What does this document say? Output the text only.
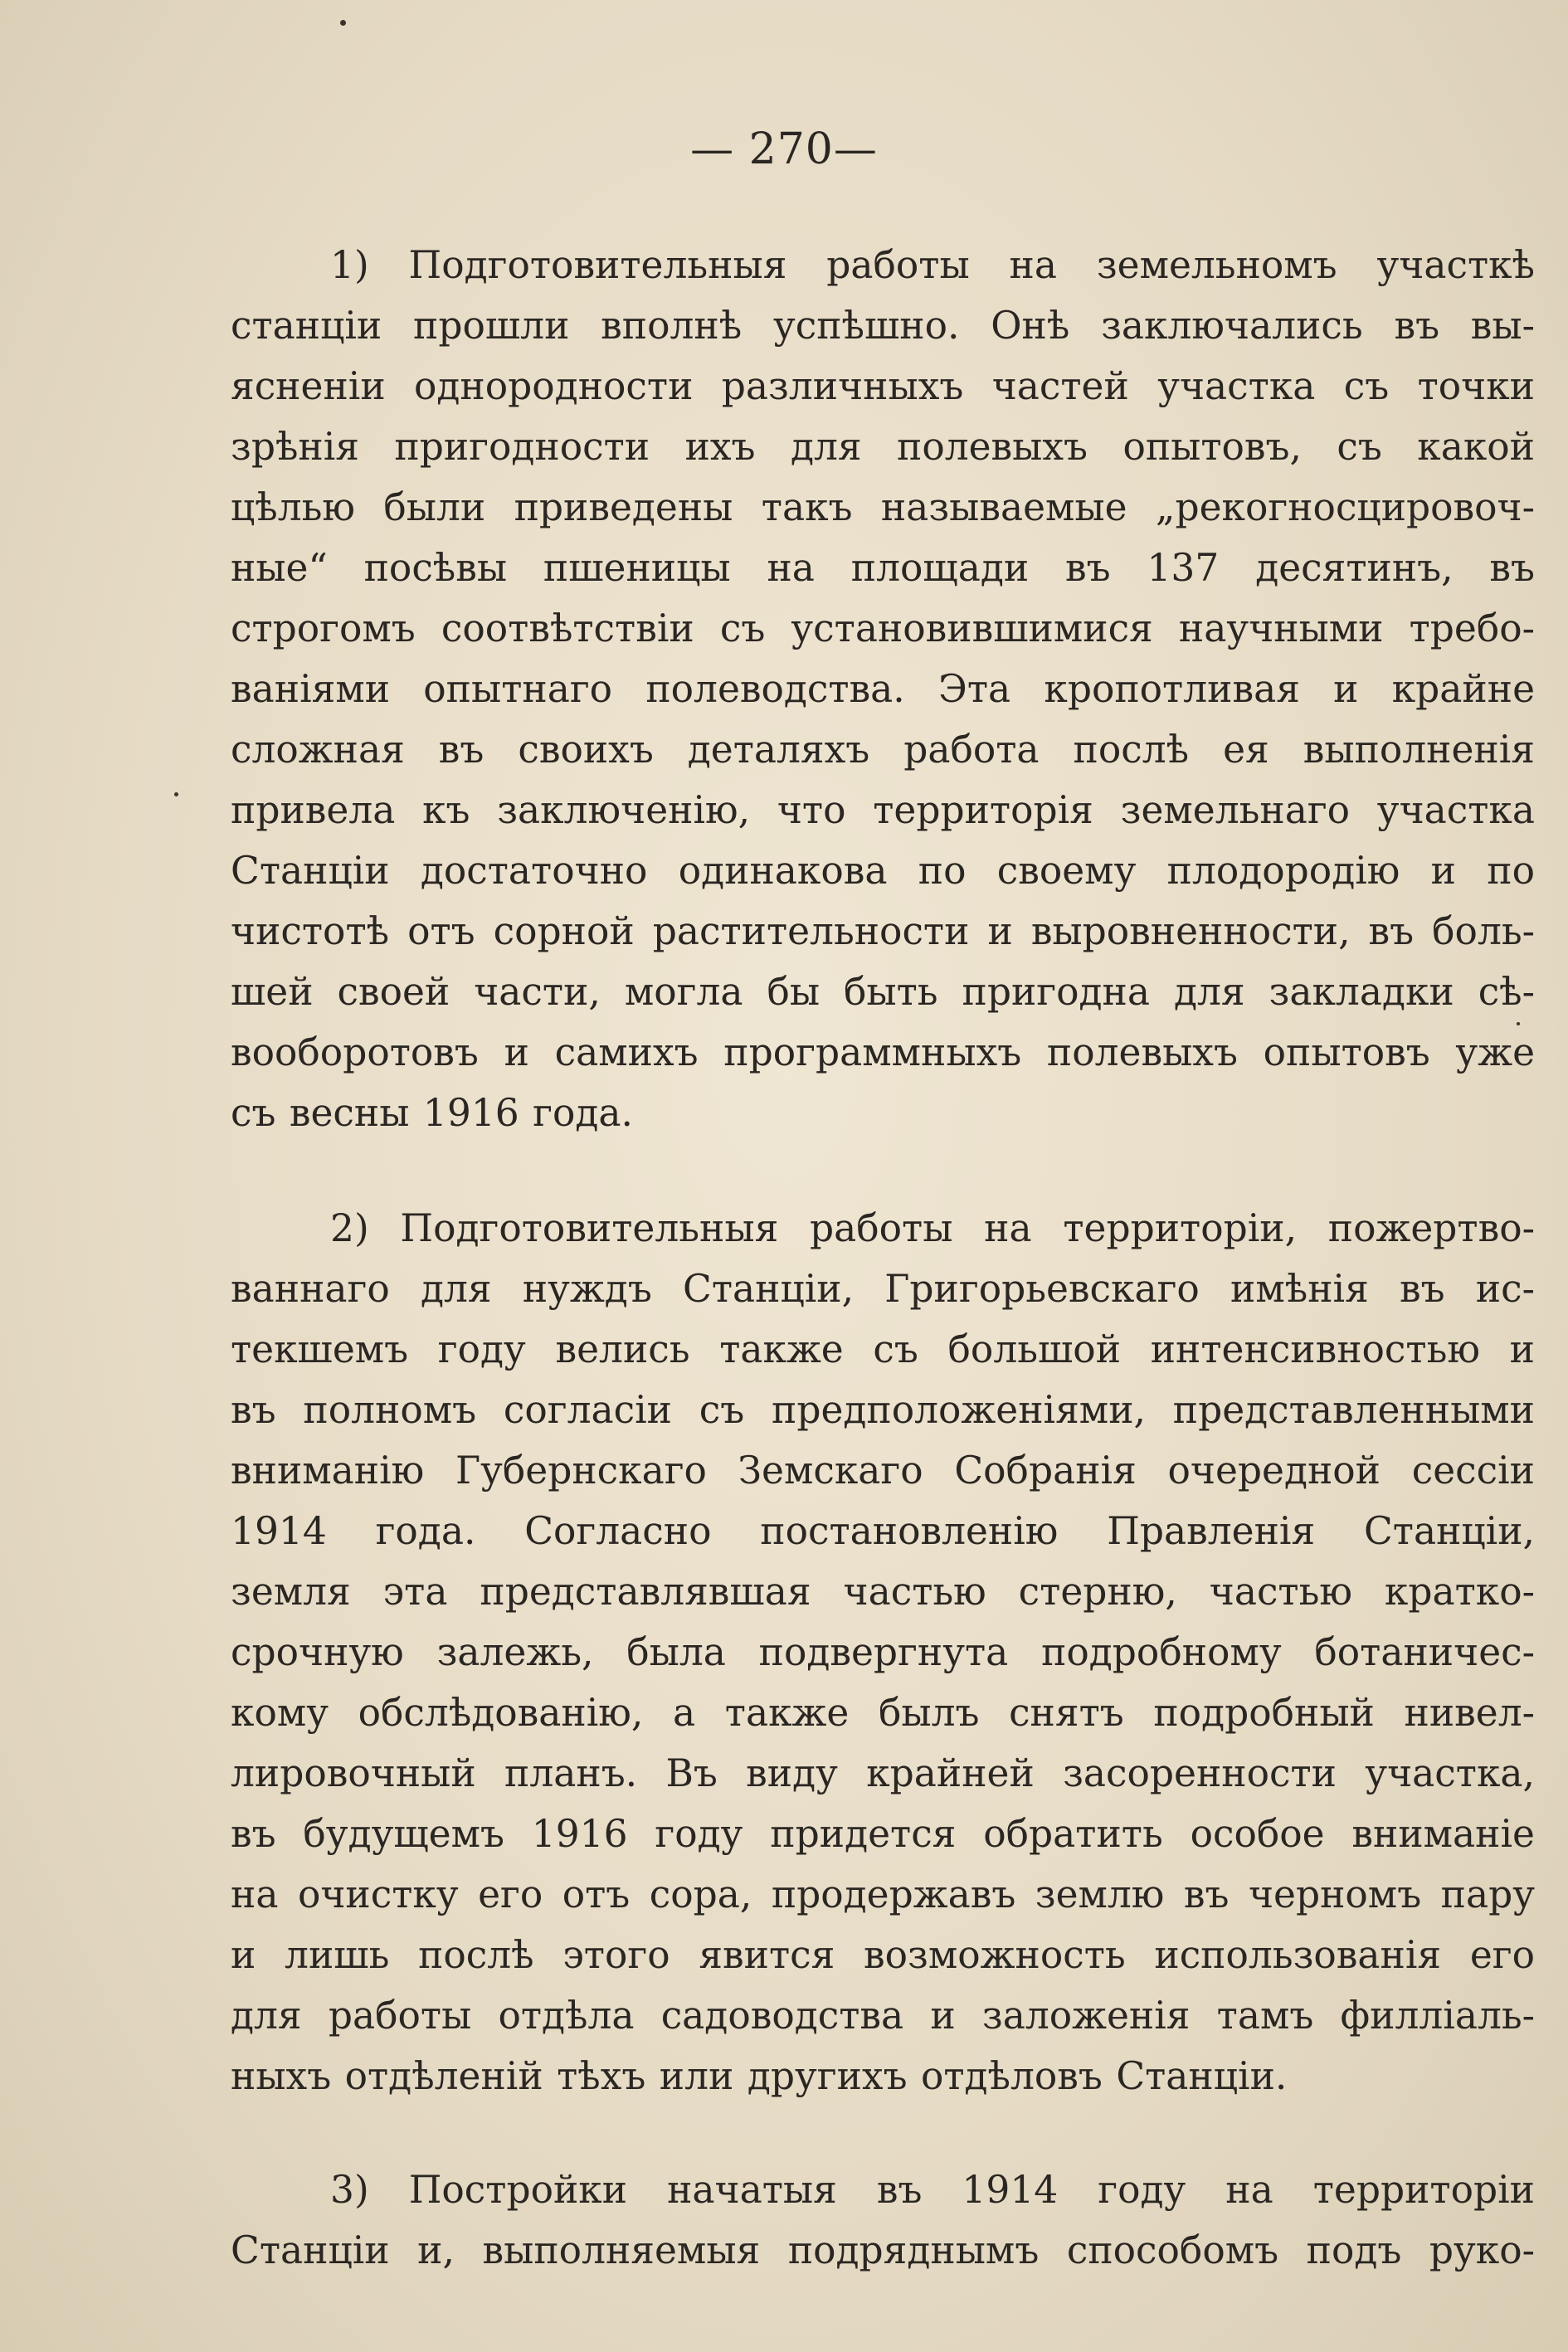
— 270—
1) Подготовительныя работы на земельномъ участкѣ
станціи прошли вполнѣ успѣшно. Онѣ заключались въ вы-
ясненіи однородности различныхъ частей участка съ точки
зрѣнія пригодности ихъ для полевыхъ опытовъ, съ какой
цѣлью были приведены такъ называемые „рекогносцировоч-
ные“ посѣвы пшеницы на площади въ 137 десятинъ, въ
строгомъ соотвѣтствіи съ установившимися научными требо-
ваніями опытнаго полеводства. Эта кропотливая и крайне
сложная въ своихъ деталяхъ работа послѣ ея выполненія
привела къ заключенію, что территорія земельнаго участка
Станціи достаточно одинакова по своему плодородію и по
чистотѣ отъ сорной растительности и выровненности, въ боль-
шей своей части, могла бы быть пригодна для закладки сѣ-
вооборотовъ и самихъ программныхъ полевыхъ опытовъ уже
съ весны 1916 года.
2) Подготовительныя работы на территоріи, пожертво-
ваннаго для нуждъ Станціи, Григорьевскаго имѣнія въ ис-
текшемъ году велись также съ большой интенсивностью и
въ полномъ согласіи съ предположеніями, представленными
вниманію Губернскаго Земскаго Собранія очередной сессіи
1914 года. Согласно постановленію Правленія Станціи,
земля эта представлявшая частью стерню, частью кратко-
срочную залежь, была подвергнута подробному ботаничес-
кому обслѣдованію, а также былъ снятъ подробный нивел-
лировочный планъ. Въ виду крайней засоренности участка,
въ будущемъ 1916 году придется обратить особое вниманіе
на очистку его отъ сора, продержавъ землю въ черномъ пару
и лишь послѣ этого явится возможность использованія его
для работы отдѣла садоводства и заложенія тамъ филліаль-
ныхъ отдѣленій тѣхъ или другихъ отдѣловъ Станціи.
3) Постройки начатыя въ 1914 году на территоріи
Станціи и, выполняемыя подряднымъ способомъ подъ руко-
